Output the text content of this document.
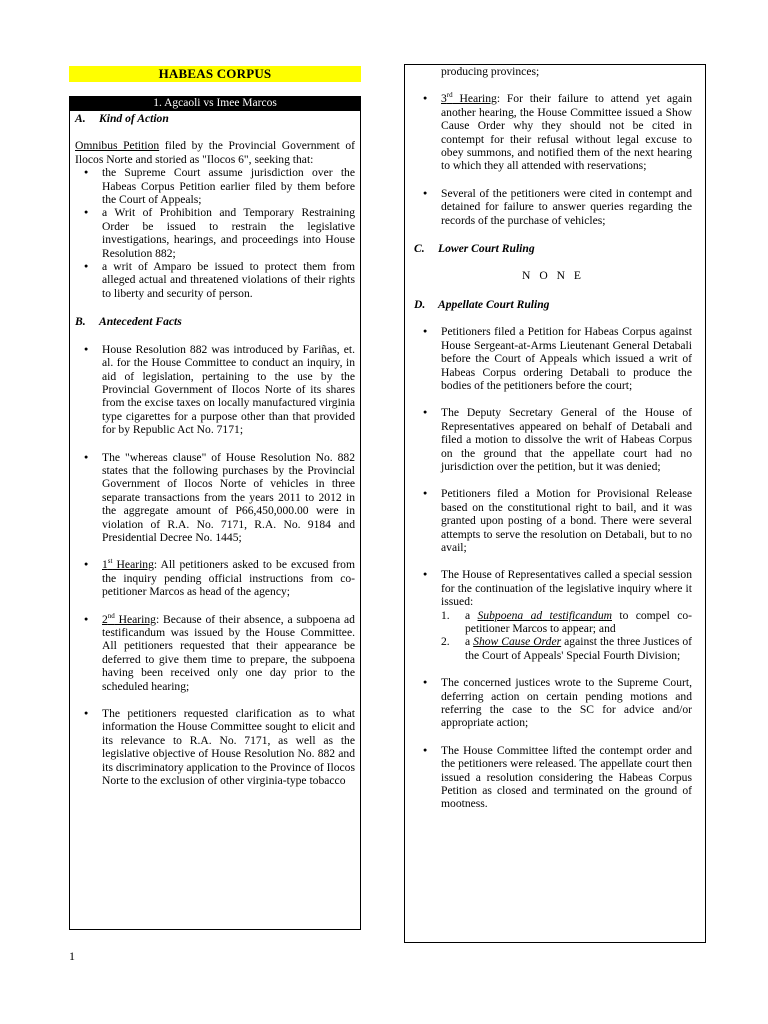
HABEAS CORPUS
1. Agcaoli vs Imee Marcos
A. Kind of Action

Omnibus Petition filed by the Provincial Government of Ilocos Norte and storied as "Ilocos 6", seeking that:

● the Supreme Court assume jurisdiction over the Habeas Corpus Petition earlier filed by them before the Court of Appeals;
● a Writ of Prohibition and Temporary Restraining Order be issued to restrain the legislative investigations, hearings, and proceedings into House Resolution 882;
● a writ of Amparo be issued to protect them from alleged actual and threatened violations of their rights to liberty and security of person.
B. Antecedent Facts
● House Resolution 882 was introduced by Fariñas, et. al. for the House Committee to conduct an inquiry, in aid of legislation, pertaining to the use by the Provincial Government of Ilocos Norte of its shares from the excise taxes on locally manufactured virginia type cigarettes for a purpose other than that provided for by Republic Act No. 7171;
● The "whereas clause" of House Resolution No. 882 states that the following purchases by the Provincial Government of Ilocos Norte of vehicles in three separate transactions from the years 2011 to 2012 in the aggregate amount of P66,450,000.00 were in violation of R.A. No. 7171, R.A. No. 9184 and Presidential Decree No. 1445;
● 1st Hearing: All petitioners asked to be excused from the inquiry pending official instructions from co-petitioner Marcos as head of the agency;
● 2nd Hearing: Because of their absence, a subpoena ad testificandum was issued by the House Committee. All petitioners requested that their appearance be deferred to give them time to prepare, the subpoena having been received only one day prior to the scheduled hearing;
● The petitioners requested clarification as to what information the House Committee sought to elicit and its relevance to R.A. No. 7171, as well as the legislative objective of House Resolution No. 882 and its discriminatory application to the Province of Ilocos Norte to the exclusion of other virginia-type tobacco

producing provinces;

● 3rd Hearing: For their failure to attend yet again another hearing, the House Committee issued a Show Cause Order why they should not be cited in contempt for their refusal without legal excuse to obey summons, and notified them of the next hearing to which they all attended with reservations;
● Several of the petitioners were cited in contempt and detained for failure to answer queries regarding the records of the purchase of vehicles;
C. Lower Court Ruling
N O N E
D. Appellate Court Ruling
● Petitioners filed a Petition for Habeas Corpus against House Sergeant-at-Arms Lieutenant General Detabali before the Court of Appeals which issued a writ of Habeas Corpus ordering Detabali to produce the bodies of the petitioners before the court;
● The Deputy Secretary General of the House of Representatives appeared on behalf of Detabali and filed a motion to dissolve the writ of Habeas Corpus on the ground that the appellate court had no jurisdiction over the petition, but it was denied;
● Petitioners filed a Motion for Provisional Release based on the constitutional right to bail, and it was granted upon posting of a bond. There were several attempts to serve the resolution on Detabali, but to no avail;
● The House of Representatives called a special session for the continuation of the legislative inquiry where it issued:
1. a Subpoena ad testificandum to compel co-petitioner Marcos to appear; and
2. a Show Cause Order against the three Justices of the Court of Appeals' Special Fourth Division;
● The concerned justices wrote to the Supreme Court, deferring action on certain pending motions and referring the case to the SC for advice and/or appropriate action;
● The House Committee lifted the contempt order and the petitioners were released. The appellate court then issued a resolution considering the Habeas Corpus Petition as closed and terminated on the ground of mootness.
1
